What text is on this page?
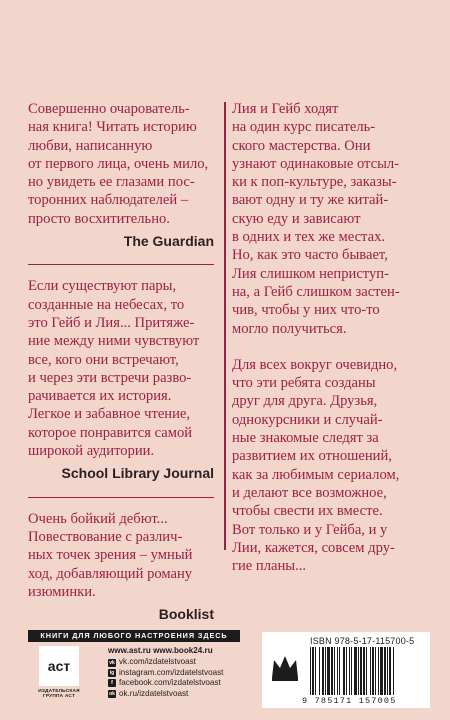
Совершенно очарователь-
ная книга! Читать историю
любви, написанную
от первого лица, очень мило,
но увидеть ее глазами пос-
торонних наблюдателей –
просто восхитительно.
The Guardian
Если существуют пары,
созданные на небесах, то
это Гейб и Лия... Притяже-
ние между ними чувствуют
все, кого они встречают,
и через эти встречи разво-
рачивается их история.
Легкое и забавное чтение,
которое понравится самой
широкой аудитории.
School Library Journal
Очень бойкий дебют...
Повествование с различ-
ных точек зрения – умный
ход, добавляющий роману
изюминки.
Booklist
Лия и Гейб ходят
на один курс писатель-
ского мастерства. Они
узнают одинаковые отсыл-
ки к поп-культуре, заказы-
вают одну и ту же китай-
скую еду и зависают
в одних и тех же местах.
Но, как это часто бывает,
Лия слишком неприступ-
на, а Гейб слишком застен-
чив, чтобы у них что-то
могло получиться.
Для всех вокруг очевидно,
что эти ребята созданы
друг для друга. Друзья,
однокурсники и случай-
ные знакомые следят за
развитием их отношений,
как за любимым сериалом,
и делают все возможное,
чтобы свести их вместе.
Вот только и у Гейба, и у
Лии, кажется, совсем дру-
гие планы...
КНИГИ ДЛЯ ЛЮБОГО НАСТРОЕНИЯ ЗДЕСЬ
аст
ИЗДАТЕЛЬСКАЯ ГРУППА АСТ
www.ast.ru www.book24.ru
vk vk.com/izdatelstvoast
ig instagram.com/izdatelstvoast
f facebook.com/izdatelstvoast
ok ok.ru/izdatelstvoast
ISBN 978-5-17-115700-5
9 785171 157005
